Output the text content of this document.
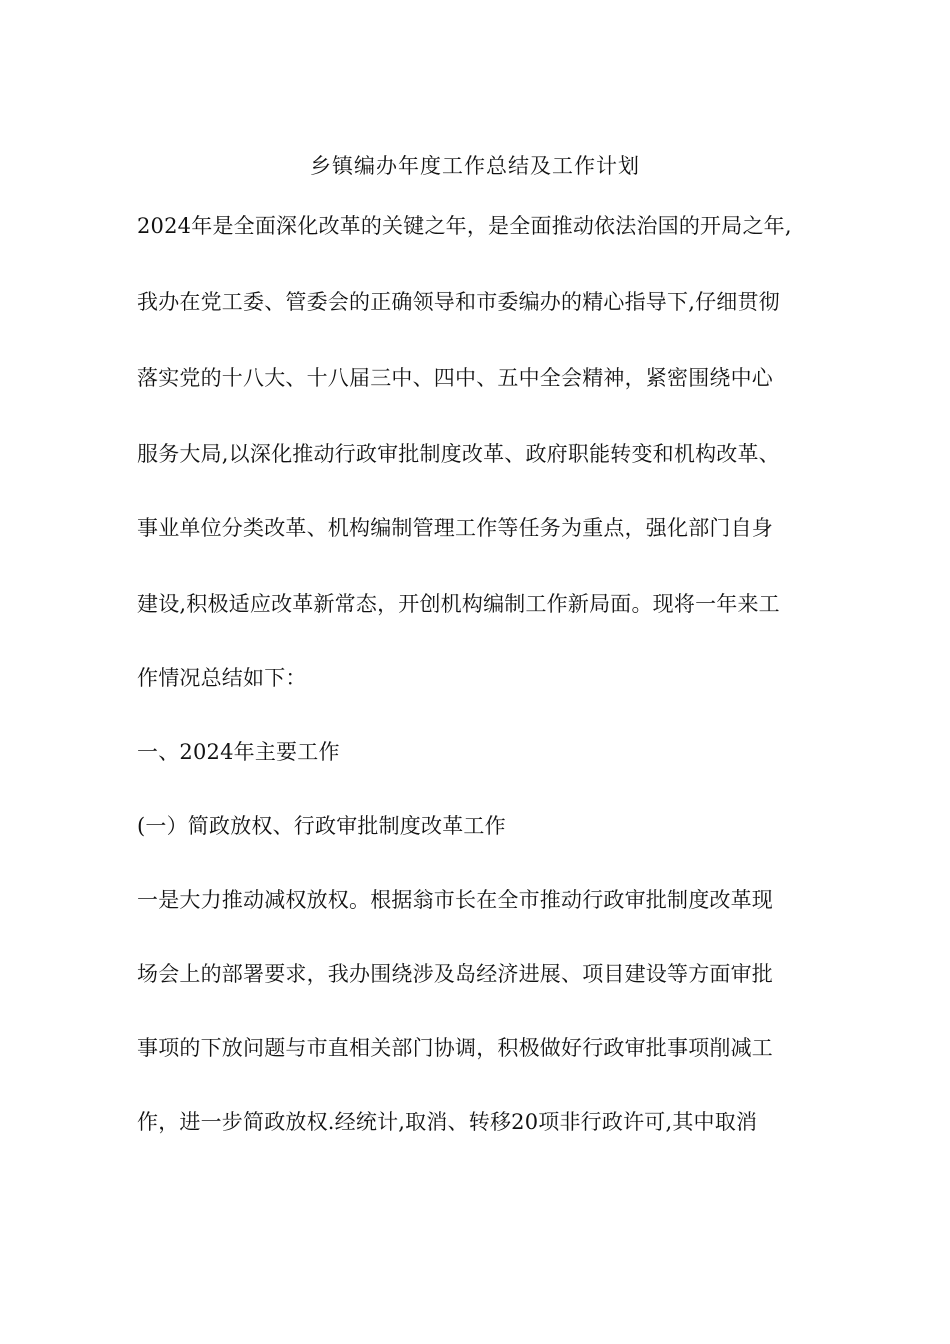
乡镇编办年度工作总结及工作计划
2024年是全面深化改革的关键之年，是全面推动依法治国的开局之年,
我办在党工委、管委会的正确领导和市委编办的精心指导下,仔细贯彻
落实党的十八大、十八届三中、四中、五中全会精神，紧密围绕中心
服务大局,以深化推动行政审批制度改革、政府职能转变和机构改革、
事业单位分类改革、机构编制管理工作等任务为重点，强化部门自身
建设,积极适应改革新常态，开创机构编制工作新局面。现将一年来工
作情况总结如下：
一、2024年主要工作
(一）简政放权、行政审批制度改革工作
一是大力推动减权放权。根据翁市长在全市推动行政审批制度改革现
场会上的部署要求，我办围绕涉及岛经济进展、项目建设等方面审批
事项的下放问题与市直相关部门协调，积极做好行政审批事项削减工
作，进一步简政放权.经统计,取消、转移20项非行政许可,其中取消
